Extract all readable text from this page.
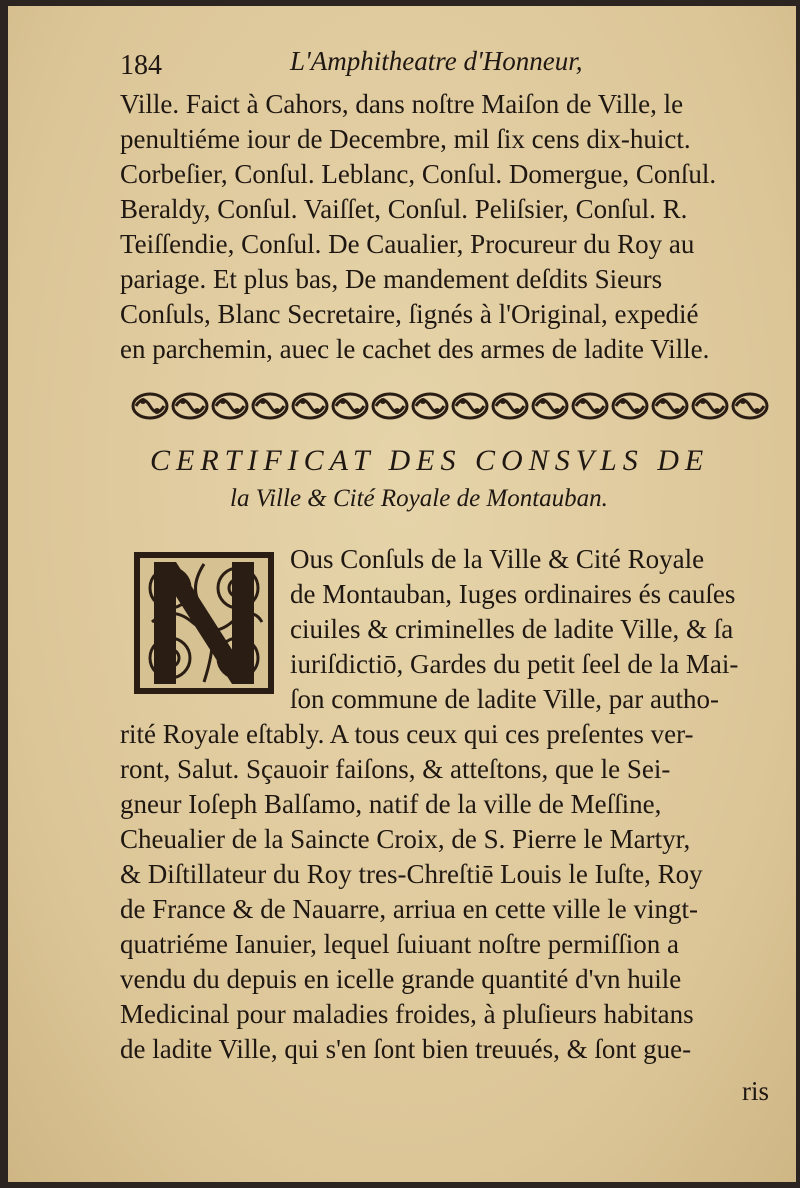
184	L'Amphitheatre d'Honneur,
Ville. Faict à Cahors, dans noſtre Maiſon de Ville, le
penultiéme iour de Decembre, mil ſix cens dix-huict.
Corbeſier, Conſul. Leblanc, Conſul. Domergue, Conſul.
Beraldy, Conſul. Vaiſſet, Conſul. Peliſsier, Conſul. R.
Teiſſendie, Conſul. De Caualier, Procureur du Roy au
pariage. Et plus bas, De mandement deſdits Sieurs
Conſuls, Blanc Secretaire, ſignés à l'Original, expedié
en parchemin, auec le cachet des armes de ladite Ville.
CERTIFICAT DES CONSVLS DE
la Ville & Cité Royale de Montauban.
Ous Conſuls de la Ville & Cité Royale
de Montauban, Iuges ordinaires és cauſes
ciuiles & criminelles de ladite Ville, & ſa
iuriſdictiō, Gardes du petit ſeel de la Mai-
ſon commune de ladite Ville, par autho-
rité Royale eſtably. A tous ceux qui ces preſentes ver-
ront, Salut. Sçauoir faiſons, & atteſtons, que le Sei-
gneur Ioſeph Balſamo, natif de la ville de Meſſine,
Cheualier de la Saincte Croix, de S. Pierre le Martyr,
& Diſtillateur du Roy tres-Chreſtiē Louis le Iuſte, Roy
de France & de Nauarre, arriua en cette ville le vingt-
quatriéme Ianuier, lequel ſuiuant noſtre permiſſion a
vendu du depuis en icelle grande quantité d'vn huile
Medicinal pour maladies froides, à pluſieurs habitans
de ladite Ville, qui s'en ſont bien treuués, & ſont gue-
ris
